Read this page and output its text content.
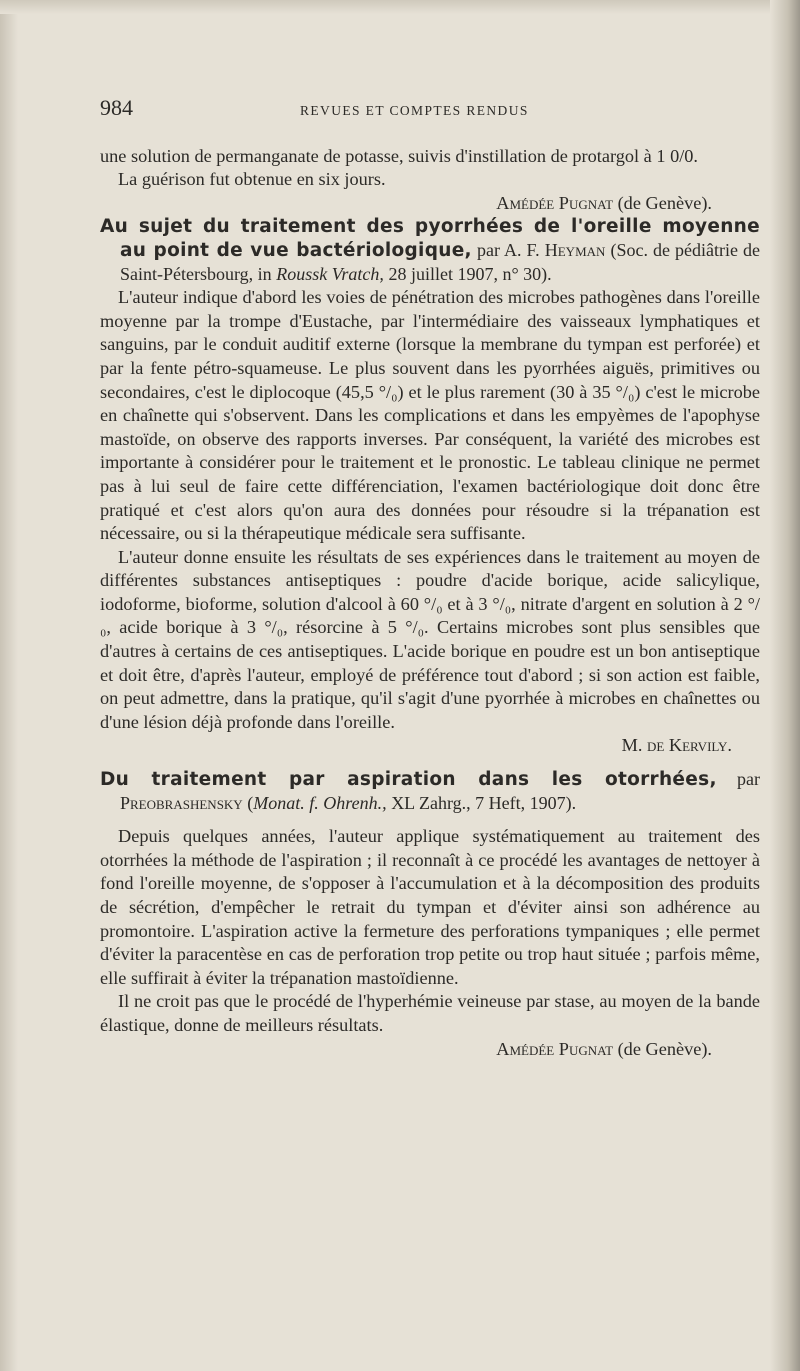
984	REVUES ET COMPTES RENDUS

une solution de permanganate de potasse, suivis d'instillation de protargol à 1 0/0.

La guérison fut obtenue en six jours.

Amédée Pugnat (de Genève).

Au sujet du traitement des pyorrhées de l'oreille moyenne au point de vue bactériologique, par A. F. Heyman (Soc. de pédiâtrie de Saint-Pétersbourg, in Roussk Vratch, 28 juillet 1907, n° 30).

L'auteur indique d'abord les voies de pénétration des microbes pathogènes dans l'oreille moyenne par la trompe d'Eustache, par l'intermédiaire des vaisseaux lymphatiques et sanguins, par le conduit auditif externe (lorsque la membrane du tympan est perforée) et par la fente pétro-squameuse. Le plus souvent dans les pyorrhées aiguës, primitives ou secondaires, c'est le diplocoque (45,5 °/₀) et le plus rarement (30 à 35 °/₀) c'est le microbe en chaînette qui s'observent. Dans les complications et dans les empyèmes de l'apophyse mastoïde, on observe des rapports inverses. Par conséquent, la variété des microbes est importante à considérer pour le traitement et le pronostic. Le tableau clinique ne permet pas à lui seul de faire cette différenciation, l'examen bactériologique doit donc être pratiqué et c'est alors qu'on aura des données pour résoudre si la trépanation est nécessaire, ou si la thérapeutique médicale sera suffisante.

L'auteur donne ensuite les résultats de ses expériences dans le traitement au moyen de différentes substances antiseptiques : poudre d'acide borique, acide salicylique, iodoforme, bioforme, solution d'alcool à 60 °/₀ et à 3 °/₀, nitrate d'argent en solution à 2 °/₀, acide borique à 3 °/₀, résorcine à 5 °/₀. Certains microbes sont plus sensibles que d'autres à certains de ces antiseptiques. L'acide borique en poudre est un bon antiseptique et doit être, d'après l'auteur, employé de préférence tout d'abord ; si son action est faible, on peut admettre, dans la pratique, qu'il s'agit d'une pyorrhée à microbes en chaînettes ou d'une lésion déjà profonde dans l'oreille.

M. de Kervily.

Du traitement par aspiration dans les otorrhées, par Preobrashensky (Monat. f. Ohrenh., XL Zahrg., 7 Heft, 1907).

Depuis quelques années, l'auteur applique systématiquement au traitement des otorrhées la méthode de l'aspiration ; il reconnaît à ce procédé les avantages de nettoyer à fond l'oreille moyenne, de s'opposer à l'accumulation et à la décomposition des produits de sécrétion, d'empêcher le retrait du tympan et d'éviter ainsi son adhérence au promontoire. L'aspiration active la fermeture des perforations tympaniques ; elle permet d'éviter la paracentèse en cas de perforation trop petite ou trop haut située ; parfois même, elle suffirait à éviter la trépanation mastoïdienne.

Il ne croit pas que le procédé de l'hyperhémie veineuse par stase, au moyen de la bande élastique, donne de meilleurs résultats.

Amédée Pugnat (de Genève).
